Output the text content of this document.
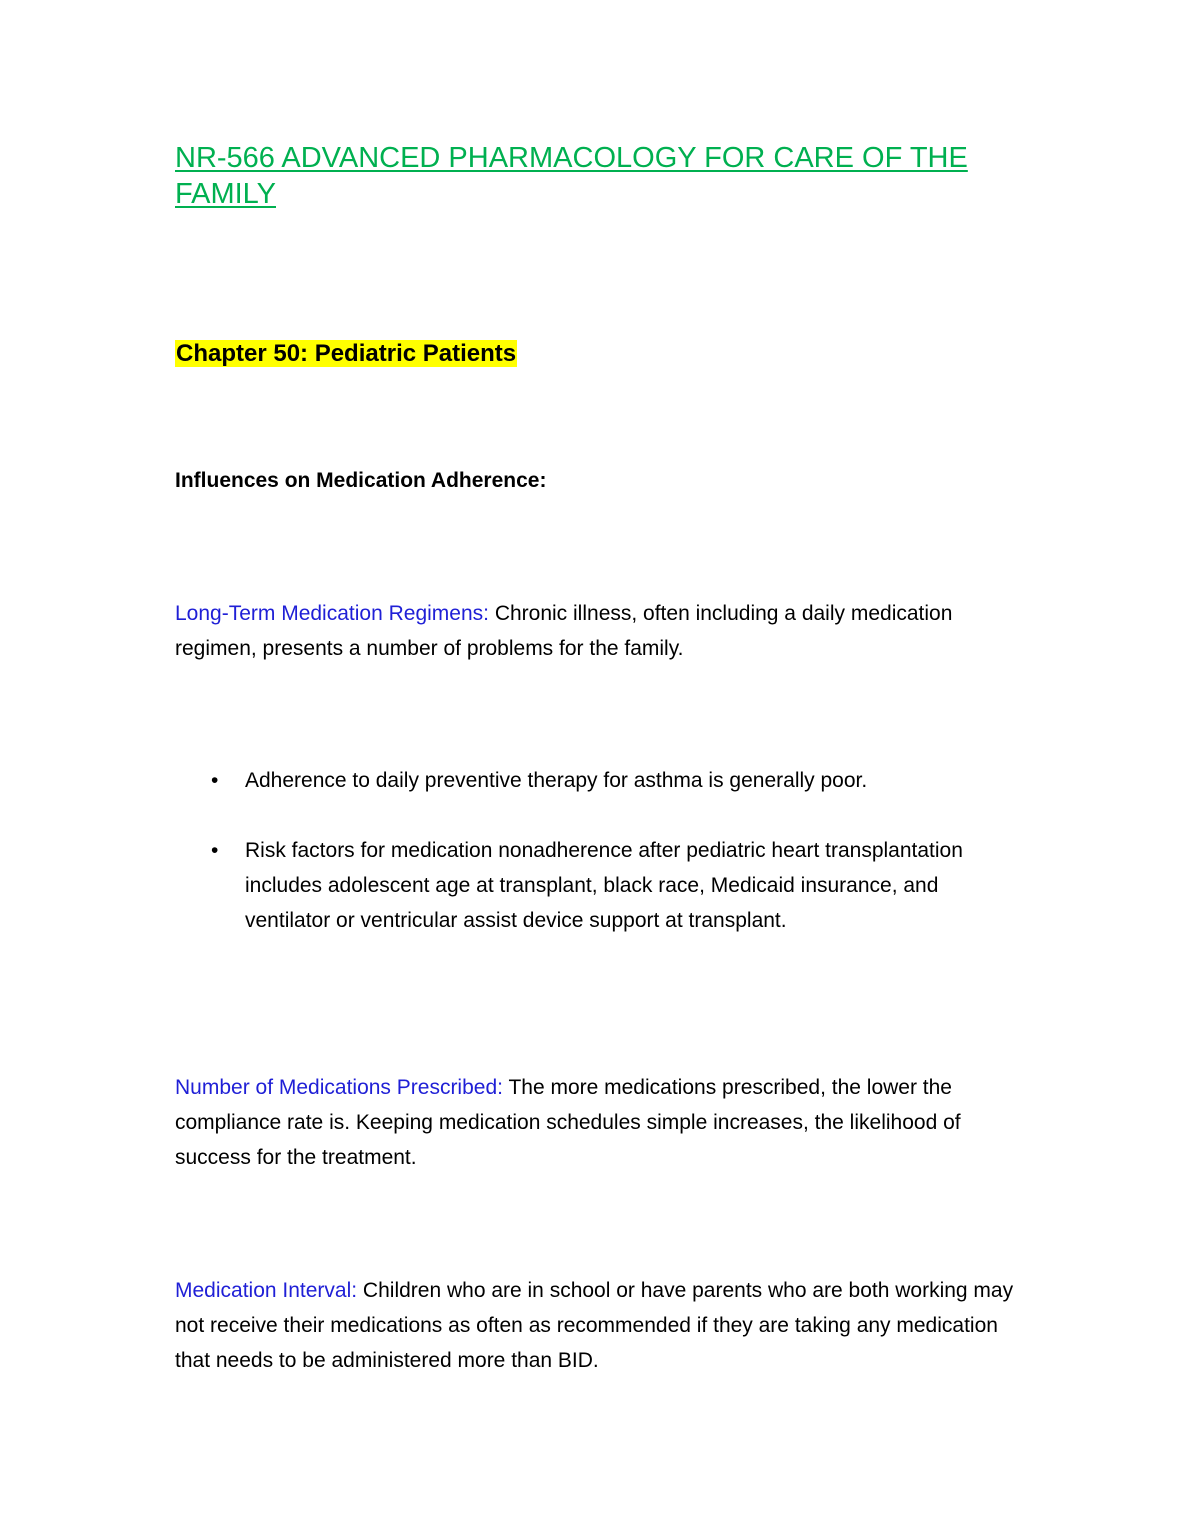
NR-566 ADVANCED PHARMACOLOGY FOR CARE OF THE FAMILY
Chapter 50: Pediatric Patients
Influences on Medication Adherence:

Long-Term Medication Regimens: Chronic illness, often including a daily medication regimen, presents a number of problems for the family.

• Adherence to daily preventive therapy for asthma is generally poor.
• Risk factors for medication nonadherence after pediatric heart transplantation includes adolescent age at transplant, black race, Medicaid insurance, and ventilator or ventricular assist device support at transplant.

Number of Medications Prescribed: The more medications prescribed, the lower the compliance rate is. Keeping medication schedules simple increases, the likelihood of success for the treatment.

Medication Interval: Children who are in school or have parents who are both working may not receive their medications as often as recommended if they are taking any medication that needs to be administered more than BID.
